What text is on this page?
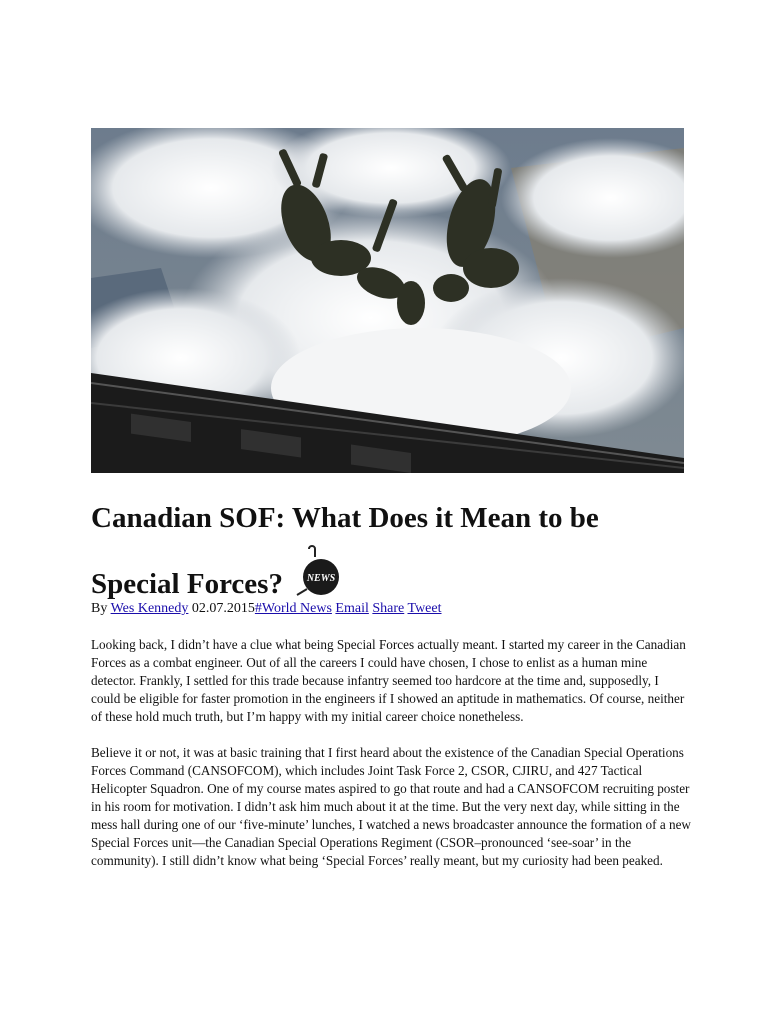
Canadian SOF: What Does it Mean to be Special Forces? NEWS
By Wes Kennedy 02.07.2015#World News Email Share Tweet

Looking back, I didn’t have a clue what being Special Forces actually meant. I started my career in the Canadian Forces as a combat engineer. Out of all the careers I could have chosen, I chose to enlist as a human mine detector. Frankly, I settled for this trade because infantry seemed too hardcore at the time and, supposedly, I could be eligible for faster promotion in the engineers if I showed an aptitude in mathematics. Of course, neither of these hold much truth, but I’m happy with my initial career choice nonetheless.

Believe it or not, it was at basic training that I first heard about the existence of the Canadian Special Operations Forces Command (CANSOFCOM), which includes Joint Task Force 2, CSOR, CJIRU, and 427 Tactical Helicopter Squadron. One of my course mates aspired to go that route and had a CANSOFCOM recruiting poster in his room for motivation. I didn’t ask him much about it at the time. But the very next day, while sitting in the mess hall during one of our ‘five-minute’ lunches, I watched a news broadcaster announce the formation of a new Special Forces unit—the Canadian Special Operations Regiment (CSOR–pronounced ‘see-soar’ in the community). I still didn’t know what being ‘Special Forces’ really meant, but my curiosity had been peaked.
